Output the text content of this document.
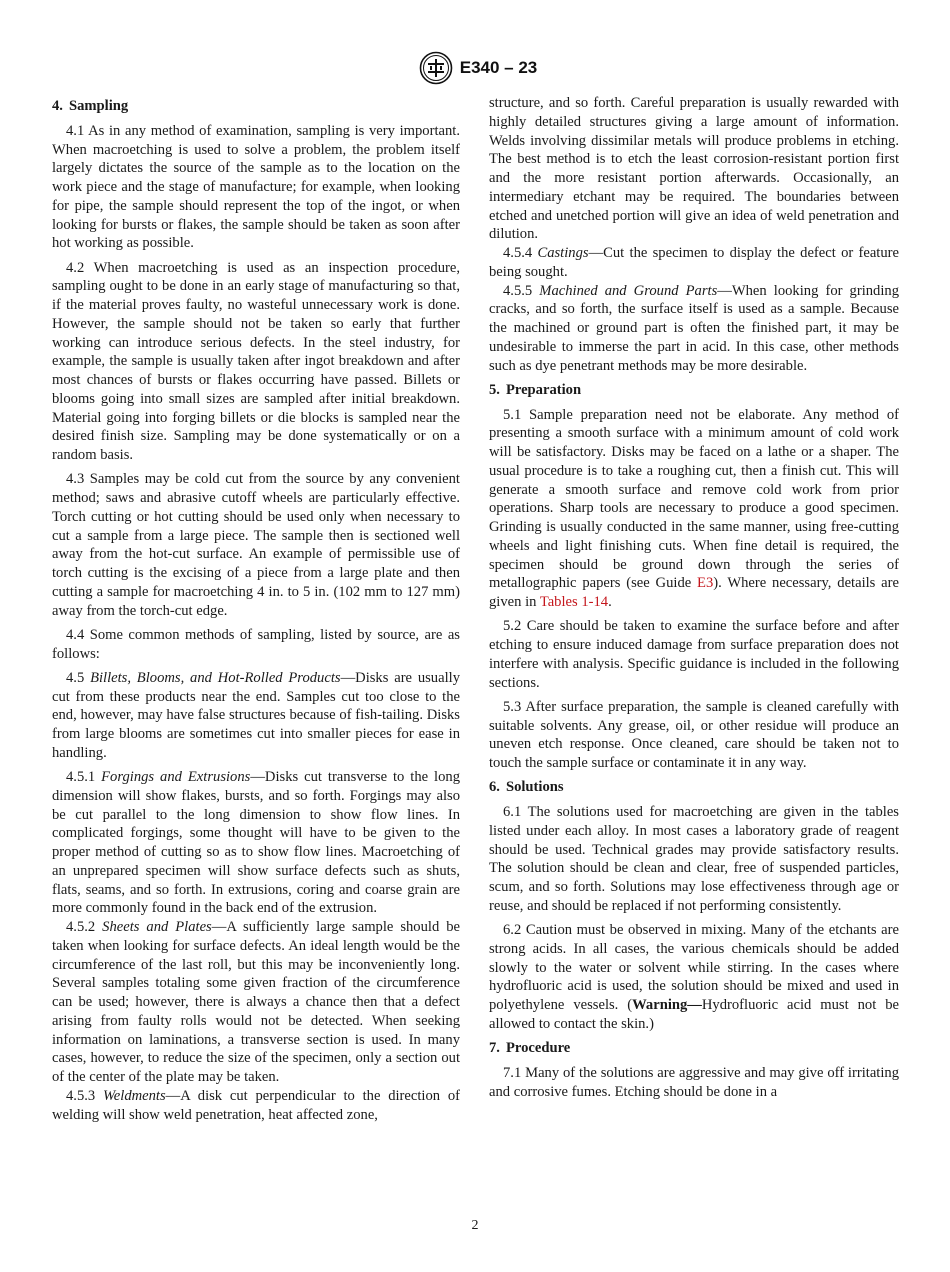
E340 – 23
4. Sampling

4.1 As in any method of examination, sampling is very important. When macroetching is used to solve a problem, the problem itself largely dictates the source of the sample as to the location on the work piece and the stage of manufacture; for example, when looking for pipe, the sample should represent the top of the ingot, or when looking for bursts or flakes, the sample should be taken as soon after hot working as possible.

4.2 When macroetching is used as an inspection procedure, sampling ought to be done in an early stage of manufacturing so that, if the material proves faulty, no wasteful unnecessary work is done. However, the sample should not be taken so early that further working can introduce serious defects. In the steel industry, for example, the sample is usually taken after ingot breakdown and after most chances of bursts or flakes occurring have passed. Billets or blooms going into small sizes are sampled after initial breakdown. Material going into forging billets or die blocks is sampled near the desired finish size. Sampling may be done systematically or on a random basis.

4.3 Samples may be cold cut from the source by any convenient method; saws and abrasive cutoff wheels are particularly effective. Torch cutting or hot cutting should be used only when necessary to cut a sample from a large piece. The sample then is sectioned well away from the hot-cut surface. An example of permissible use of torch cutting is the excising of a piece from a large plate and then cutting a sample for macroetching 4 in. to 5 in. (102 mm to 127 mm) away from the torch-cut edge.

4.4 Some common methods of sampling, listed by source, are as follows:

4.5 Billets, Blooms, and Hot-Rolled Products—Disks are usually cut from these products near the end. Samples cut too close to the end, however, may have false structures because of fish-tailing. Disks from large blooms are sometimes cut into smaller pieces for ease in handling.

4.5.1 Forgings and Extrusions—Disks cut transverse to the long dimension will show flakes, bursts, and so forth. Forgings may also be cut parallel to the long dimension to show flow lines. In complicated forgings, some thought will have to be given to the proper method of cutting so as to show flow lines. Macroetching of an unprepared specimen will show surface defects such as shuts, flats, seams, and so forth. In extrusions, coring and coarse grain are more commonly found in the back end of the extrusion.

4.5.2 Sheets and Plates—A sufficiently large sample should be taken when looking for surface defects. An ideal length would be the circumference of the last roll, but this may be inconveniently long. Several samples totaling some given fraction of the circumference can be used; however, there is always a chance then that a defect arising from faulty rolls would not be detected. When seeking information on laminations, a transverse section is used. In many cases, however, to reduce the size of the specimen, only a section out of the center of the plate may be taken.

4.5.3 Weldments—A disk cut perpendicular to the direction of welding will show weld penetration, heat affected zone,

structure, and so forth. Careful preparation is usually rewarded with highly detailed structures giving a large amount of information. Welds involving dissimilar metals will produce problems in etching. The best method is to etch the least corrosion-resistant portion first and the more resistant portion afterwards. Occasionally, an intermediary etchant may be required. The boundaries between etched and unetched portion will give an idea of weld penetration and dilution.

4.5.4 Castings—Cut the specimen to display the defect or feature being sought.

4.5.5 Machined and Ground Parts—When looking for grinding cracks, and so forth, the surface itself is used as a sample. Because the machined or ground part is often the finished part, it may be undesirable to immerse the part in acid. In this case, other methods such as dye penetrant methods may be more desirable.

5. Preparation

5.1 Sample preparation need not be elaborate. Any method of presenting a smooth surface with a minimum amount of cold work will be satisfactory. Disks may be faced on a lathe or a shaper. The usual procedure is to take a roughing cut, then a finish cut. This will generate a smooth surface and remove cold work from prior operations. Sharp tools are necessary to produce a good specimen. Grinding is usually conducted in the same manner, using free-cutting wheels and light finishing cuts. When fine detail is required, the specimen should be ground down through the series of metallographic papers (see Guide E3). Where necessary, details are given in Tables 1-14.

5.2 Care should be taken to examine the surface before and after etching to ensure induced damage from surface preparation does not interfere with analysis. Specific guidance is included in the following sections.

5.3 After surface preparation, the sample is cleaned carefully with suitable solvents. Any grease, oil, or other residue will produce an uneven etch response. Once cleaned, care should be taken not to touch the sample surface or contaminate it in any way.

6. Solutions

6.1 The solutions used for macroetching are given in the tables listed under each alloy. In most cases a laboratory grade of reagent should be used. Technical grades may provide satisfactory results. The solution should be clean and clear, free of suspended particles, scum, and so forth. Solutions may lose effectiveness through age or reuse, and should be replaced if not performing consistently.

6.2 Caution must be observed in mixing. Many of the etchants are strong acids. In all cases, the various chemicals should be added slowly to the water or solvent while stirring. In the cases where hydrofluoric acid is used, the solution should be mixed and used in polyethylene vessels. (Warning—Hydrofluoric acid must not be allowed to contact the skin.)

7. Procedure

7.1 Many of the solutions are aggressive and may give off irritating and corrosive fumes. Etching should be done in a

2
